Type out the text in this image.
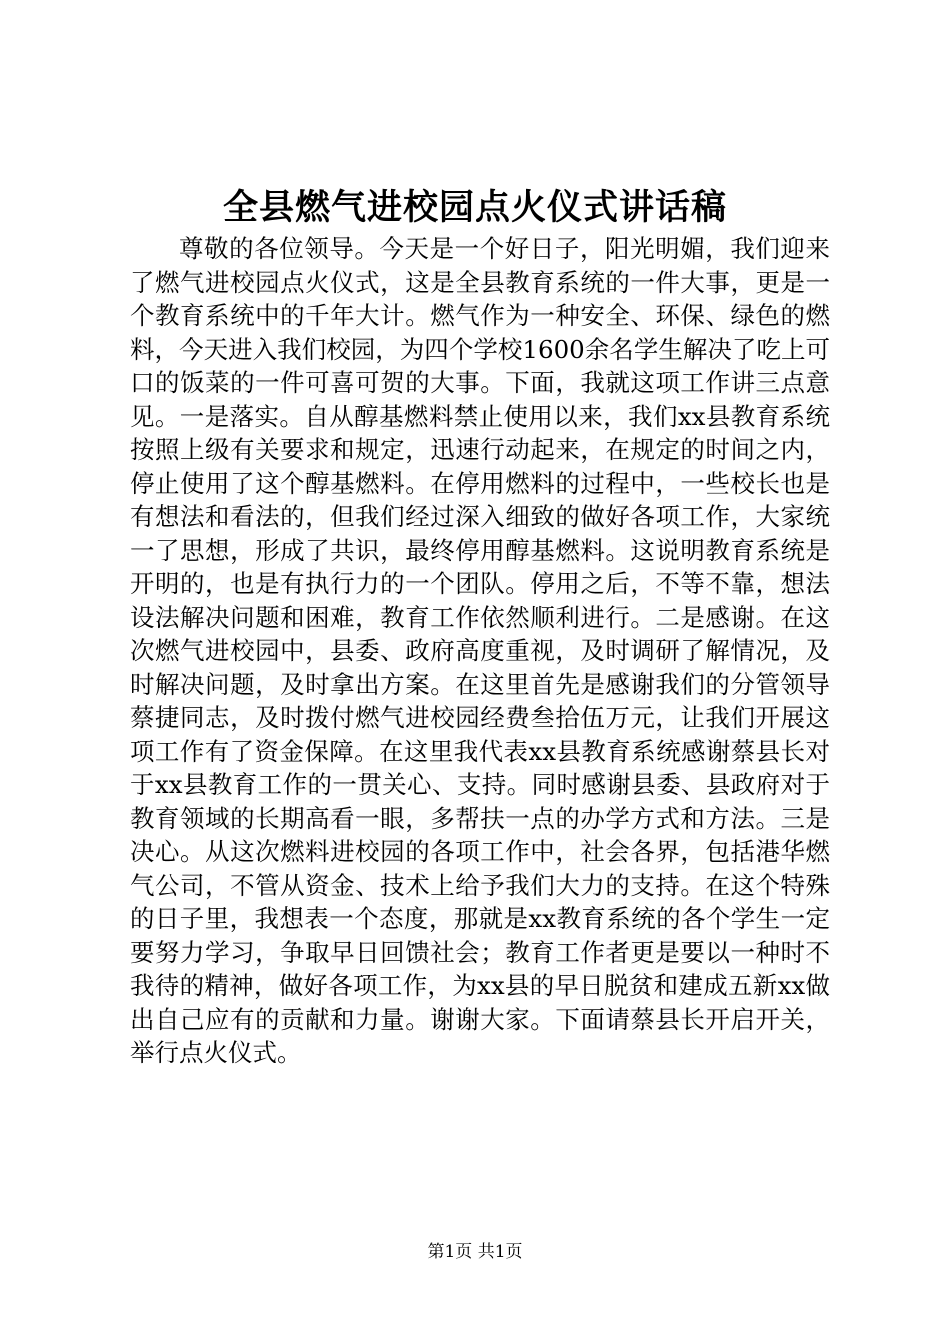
全县燃气进校园点火仪式讲话稿

尊敬的各位领导。今天是一个好日子，阳光明媚，我们迎来了燃气进校园点火仪式，这是全县教育系统的一件大事，更是一个教育系统中的千年大计。燃气作为一种安全、环保、绿色的燃料，今天进入我们校园，为四个学校1600余名学生解决了吃上可口的饭菜的一件可喜可贺的大事。下面，我就这项工作讲三点意见。一是落实。自从醇基燃料禁止使用以来，我们xx县教育系统按照上级有关要求和规定，迅速行动起来，在规定的时间之内，停止使用了这个醇基燃料。在停用燃料的过程中，一些校长也是有想法和看法的，但我们经过深入细致的做好各项工作，大家统一了思想，形成了共识，最终停用醇基燃料。这说明教育系统是开明的，也是有执行力的一个团队。停用之后，不等不靠，想法设法解决问题和困难，教育工作依然顺利进行。二是感谢。在这次燃气进校园中，县委、政府高度重视，及时调研了解情况，及时解决问题，及时拿出方案。在这里首先是感谢我们的分管领导蔡捷同志，及时拨付燃气进校园经费叁拾伍万元，让我们开展这项工作有了资金保障。在这里我代表xx县教育系统感谢蔡县长对于xx县教育工作的一贯关心、支持。同时感谢县委、县政府对于教育领域的长期高看一眼，多帮扶一点的办学方式和方法。三是决心。从这次燃料进校园的各项工作中，社会各界，包括港华燃气公司，不管从资金、技术上给予我们大力的支持。在这个特殊的日子里，我想表一个态度，那就是xx教育系统的各个学生一定要努力学习，争取早日回馈社会；教育工作者更是要以一种时不我待的精神，做好各项工作，为xx县的早日脱贫和建成五新xx做出自己应有的贡献和力量。谢谢大家。下面请蔡县长开启开关，举行点火仪式。

第1页 共1页
